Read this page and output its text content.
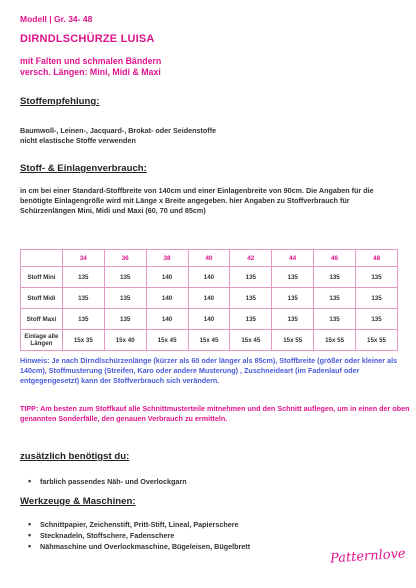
Modell | Gr. 34- 48
DIRNDLSCHÜRZE LUISA
mit Falten und schmalen Bändern
versch. Längen: Mini, Midi & Maxi
Stoffempfehlung:
Baumwoll-, Leinen-, Jacquard-, Brokat- oder Seidenstoffe
nicht elastische Stoffe verwenden
Stoff- & Einlagenverbrauch:
in cm bei einer Standard-Stoffbreite von 140cm und einer Einlagenbreite von 90cm. Die Angaben für die benötigte Einlagengröße wird mit Länge x Breite angegeben. hier Angaben zu Stoffverbrauch für Schürzenlängen Mini, Midi und Maxi (60, 70 und 85cm)
	34	36	38	40	42	44	46	48
Stoff Mini	135	135	140	140	135	135	135	135
Stoff Midi	135	135	140	140	135	135	135	135
Stoff Maxi	135	135	140	140	135	135	135	135
Einlage alle Längen	15x 35	15x 40	15x 45	15x 45	15x 45	15x 55	15x 55	15x 55
Hinweis: Je nach Dirndlschürzenlänge (kürzer als 60 oder länger als 85cm), Stoffbreite (größer oder kleiner als 140cm), Stoffmusterung (Streifen, Karo oder andere Musterung) , Zuschneideart (im Fadenlauf oder entgegengesetzt) kann der Stoffverbrauch sich verändern.
TIPP: Am besten zum Stoffkauf alle Schnittmusterteile mitnehmen und den Schnitt auflegen, um in einen der oben genannten Sonderfälle, den genauen Verbrauch zu ermitteln.
zusätzlich benötigst du:
• farblich passendes Näh- und Overlockgarn
Werkzeuge & Maschinen:
• Schnittpapier, Zeichenstift, Pritt-Stift, Lineal, Papierschere
• Stecknadeln, Stoffschere, Fadenschere
• Nähmaschine und Overlockmaschine, Bügeleisen, Bügelbrett	Patternlove
